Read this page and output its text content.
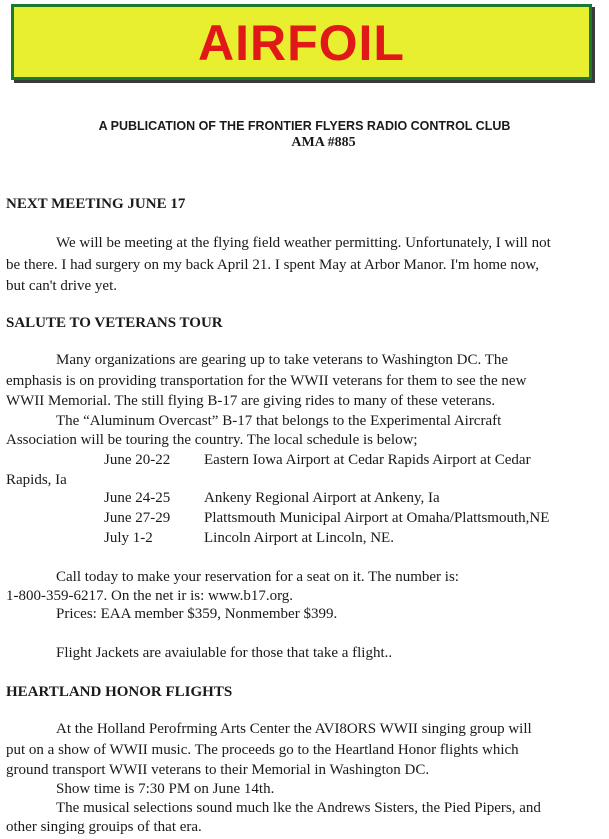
AIRFOIL
A PUBLICATION OF THE FRONTIER FLYERS RADIO CONTROL CLUB
AMA #885
NEXT MEETING JUNE 17
We will be meeting at the flying field weather permitting. Unfortunately, I will not
be there. I had surgery on my back April 21. I spent May at Arbor Manor. I'm home now,
but can't drive yet.
SALUTE TO VETERANS TOUR
Many organizations are gearing up to take veterans to Washington DC. The
emphasis is on providing transportation for the WWII veterans for them to see the new
WWII Memorial. The still flying B-17 are giving rides to many of these veterans.
The “Aluminum Overcast” B-17 that belongs to the Experimental Aircraft
Association will be touring the country. The local schedule is below;
June 20-22 Eastern Iowa Airport at Cedar Rapids Airport at Cedar
Rapids, Ia
June 24-25 Ankeny Regional Airport at Ankeny, Ia
June 27-29 Plattsmouth Municipal Airport at Omaha/Plattsmouth,NE
July 1-2	Lincoln Airport at Lincoln, NE.
Call today to make your reservation for a seat on it. The number is:
1-800-359-6217. On the net ir is: www.b17.org.
Prices: EAA member $359, Nonmember $399.
Flight Jackets are avaiulable for those that take a flight..
HEARTLAND HONOR FLIGHTS
At the Holland Perofrming Arts Center the AVI8ORS WWII singing group will
put on a show of WWII music. The proceeds go to the Heartland Honor flights which
ground transport WWII veterans to their Memorial in Washington DC.
Show time is 7:30 PM on June 14th.
The musical selections sound much lke the Andrews Sisters, the Pied Pipers, and
other singing grouips of that era.
